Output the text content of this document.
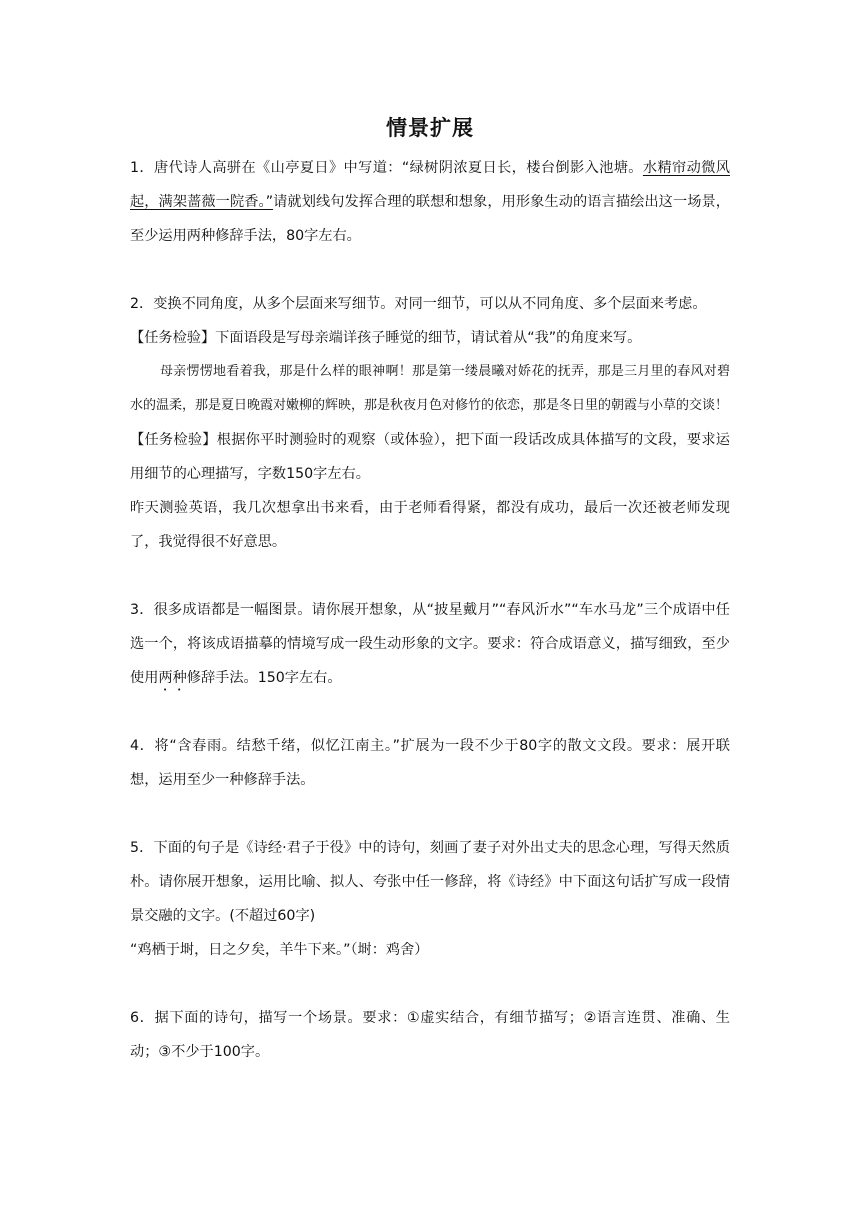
情景扩展

1．唐代诗人高骈在《山亭夏日》中写道：“绿树阴浓夏日长，楼台倒影入池塘。水精帘动微风起，满架蔷薇一院香。”请就划线句发挥合理的联想和想象，用形象生动的语言描绘出这一场景，至少运用两种修辞手法，80字左右。

2．变换不同角度，从多个层面来写细节。对同一细节，可以从不同角度、多个层面来考虑。

【任务检验】下面语段是写母亲端详孩子睡觉的细节，请试着从“我”的角度来写。

母亲愣愣地看着我，那是什么样的眼神啊！那是第一缕晨曦对娇花的抚弄，那是三月里的春风对碧水的温柔，那是夏日晚霞对嫩柳的辉映，那是秋夜月色对修竹的依恋，那是冬日里的朝霞与小草的交谈！

【任务检验】根据你平时测验时的观察（或体验），把下面一段话改成具体描写的文段，要求运用细节的心理描写，字数150字左右。

昨天测验英语，我几次想拿出书来看，由于老师看得紧，都没有成功，最后一次还被老师发现了，我觉得很不好意思。

3．很多成语都是一幅图景。请你展开想象，从“披星戴月”“春风沂水”“车水马龙”三个成语中任选一个，将该成语描摹的情境写成一段生动形象的文字。要求：符合成语意义，描写细致，至少使用两种修辞手法。150字左右。

4．将“含春雨。结愁千绪，似忆江南主。”扩展为一段不少于80字的散文文段。要求：展开联想，运用至少一种修辞手法。

5．下面的句子是《诗经·君子于役》中的诗句，刻画了妻子对外出丈夫的思念心理，写得天然质朴。请你展开想象，运用比喻、拟人、夸张中任一修辞，将《诗经》中下面这句话扩写成一段情景交融的文字。(不超过60字)

“鸡栖于埘，日之夕矣，羊牛下来。”（埘：鸡舍）

6．据下面的诗句，描写一个场景。要求：①虚实结合，有细节描写；②语言连贯、准确、生动；③不少于100字。
